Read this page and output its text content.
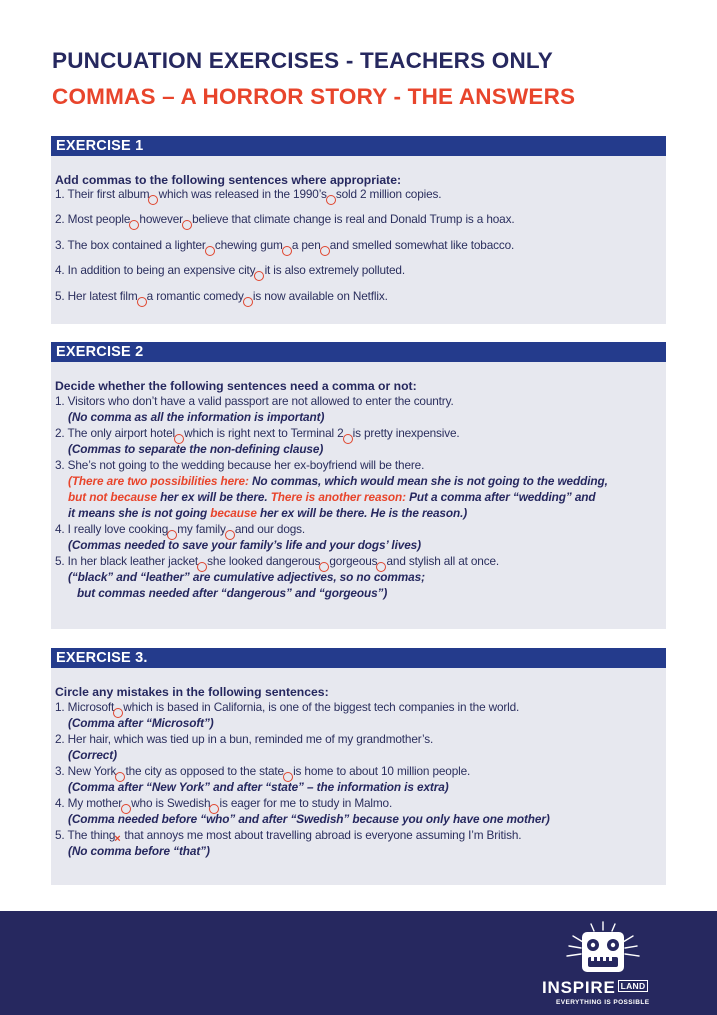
PUNCUATION EXERCISES - TEACHERS ONLY
COMMAS – A HORROR STORY - THE ANSWERS
EXERCISE 1
Add commas to the following sentences where appropriate:
1. Their first album which was released in the 1990’s sold 2 million copies.
2. Most people however believe that climate change is real and Donald Trump is a hoax.
3. The box contained a lighter chewing gum a pen and smelled somewhat like tobacco.
4. In addition to being an expensive city it is also extremely polluted.
5. Her latest film a romantic comedy is now available on Netflix.
EXERCISE 2
Decide whether the following sentences need a comma or not:
1. Visitors who don’t have a valid passport are not allowed to enter the country.
(No comma as all the information is important)
2. The only airport hotel which is right next to Terminal 2 is pretty inexpensive.
(Commas to separate the non-defining clause)
3. She’s not going to the wedding because her ex-boyfriend will be there.
(There are two possibilities here: No commas, which would mean she is not going to the wedding,
but not because her ex will be there. There is another reason: Put a comma after “wedding” and
it means she is not going because her ex will be there. He is the reason.)
4. I really love cooking my family and our dogs.
(Commas needed to save your family’s life and your dogs’ lives)
5. In her black leather jacket she looked dangerous gorgeous and stylish all at once.
(“black” and “leather” are cumulative adjectives, so no commas;
but commas needed after “dangerous” and “gorgeous”)
EXERCISE 3.
Circle any mistakes in the following sentences:
1. Microsoft which is based in California, is one of the biggest tech companies in the world.
(Comma after “Microsoft”)
2. Her hair, which was tied up in a bun, reminded me of my grandmother’s.
(Correct)
3. New York the city as opposed to the state is home to about 10 million people.
(Comma after “New York” and after “state” – the information is extra)
4. My mother who is Swedish is eager for me to study in Malmo.
(Comma needed before “who” and after “Swedish” because you only have one mother)
5. The thing× that annoys me most about travelling abroad is everyone assuming I’m British.
(No comma before “that”)
INSPIRE $^{LAND}$
EVERYTHING IS POSSIBLE
